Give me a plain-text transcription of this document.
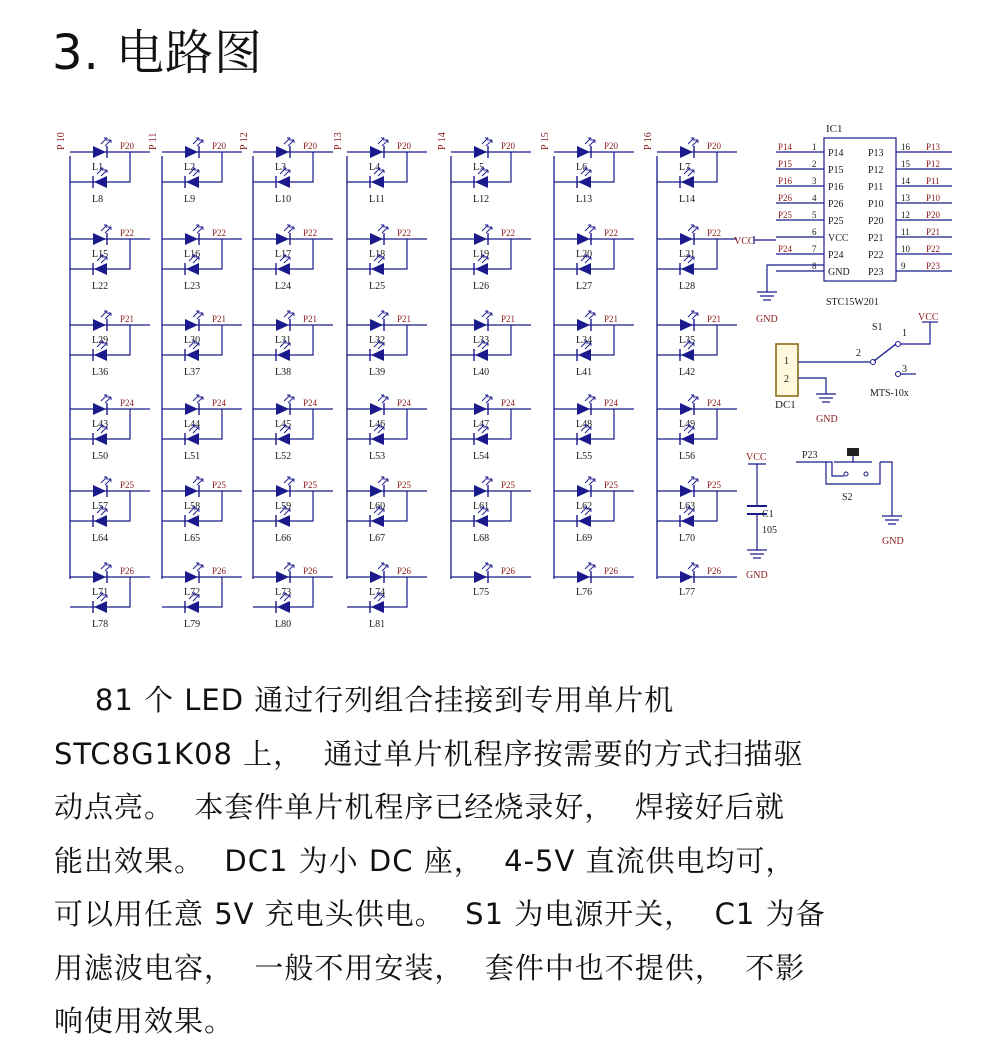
3. 电路图
P 10	P 11	P 12	P 13	P 14	P 15	P 16
P20
L1
L8
P20
L2
L9
P20
L3
L10
P20
L4
L11
P20
L5
L12
P20
L6
L13
P20
L7
L14
P22
L15
L22
P22
L16
L23
P22
L17
L24
P22
L18
L25
P22
L19
L26
P22
L20
L27
P22
L21
L28
P21
L29
L36
P21
L30
L37
P21
L31
L38
P21
L32
L39
P21
L33
L40
P21
L34
L41
P21
L35
L42
P24
L43
L50
P24
L44
L51
P24
L45
L52
P24
L46
L53
P24
L47
L54
P24
L48
L55
P24
L49
L56
P25
L57
L64
P25
L58
L65
P25
L59
L66
P25
L60
L67
P25
L61
L68
P25
L62
L69
P25
L63
L70
P26
L71
L78
P26
L72
L79
P26
L73
L80
P26
L74
L81
P26
L75
P26
L76
P26
L77
IC1
1
P14
P14
2
P15
P15
3
P16
P16
4
P26
P26
5
P25
P25
6
VCC
7
P24
P24
8
GND
16
P13
P13
15
P12
P12
14
P11
P11
13
P10
P10
12
P20
P20
11
P21
P21
10
P22
P22
9
P23
P23
STC15W201
VCC
GND
1
2
DC1
GND
S1
2
1
3
VCC
MTS-10x
VCC
C1
105
GND
P23
S2
GND
81 个 LED 通过行列组合挂接到专用单片机
STC8G1K08 上，  通过单片机程序按需要的方式扫描驱
动点亮。  本套件单片机程序已经烧录好，  焊接好后就
能出效果。  DC1 为小 DC 座，  4-5V 直流供电均可，
可以用任意 5V 充电头供电。  S1 为电源开关，  C1 为备
用滤波电容，  一般不用安装，  套件中也不提供，  不影
响使用效果。
